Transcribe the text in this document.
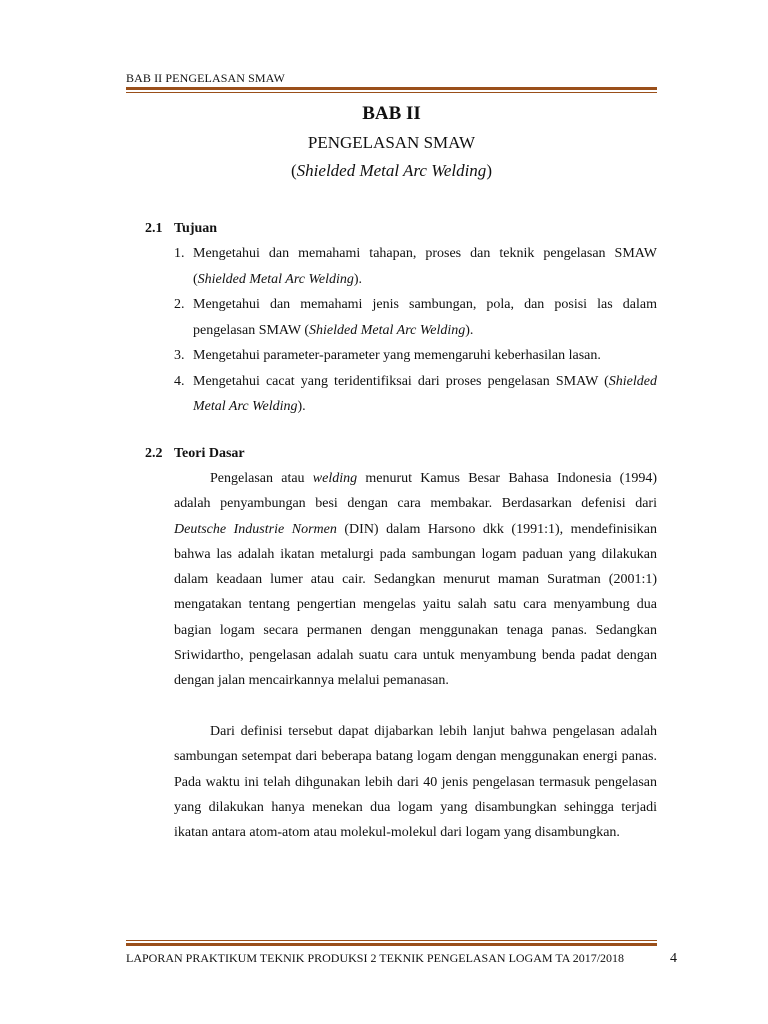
BAB II PENGELASAN SMAW
BAB II
PENGELASAN SMAW
(Shielded Metal Arc Welding)
2.1 Tujuan
1. Mengetahui dan memahami tahapan, proses dan teknik pengelasan SMAW (Shielded Metal Arc Welding).
2. Mengetahui dan memahami jenis sambungan, pola, dan posisi las dalam pengelasan SMAW (Shielded Metal Arc Welding).
3. Mengetahui parameter-parameter yang memengaruhi keberhasilan lasan.
4. Mengetahui cacat yang teridentifiksai dari proses pengelasan SMAW (Shielded Metal Arc Welding).
2.2 Teori Dasar

Pengelasan atau welding menurut Kamus Besar Bahasa Indonesia (1994) adalah penyambungan besi dengan cara membakar. Berdasarkan defenisi dari Deutsche Industrie Normen (DIN) dalam Harsono dkk (1991:1), mendefinisikan bahwa las adalah ikatan metalurgi pada sambungan logam paduan yang dilakukan dalam keadaan lumer atau cair. Sedangkan menurut maman Suratman (2001:1) mengatakan tentang pengertian mengelas yaitu salah satu cara menyambung dua bagian logam secara permanen dengan menggunakan tenaga panas. Sedangkan Sriwidartho, pengelasan adalah suatu cara untuk menyambung benda padat dengan dengan jalan mencairkannya melalui pemanasan.

Dari definisi tersebut dapat dijabarkan lebih lanjut bahwa pengelasan adalah sambungan setempat dari beberapa batang logam dengan menggunakan energi panas. Pada waktu ini telah dihgunakan lebih dari 40 jenis pengelasan termasuk pengelasan yang dilakukan hanya menekan dua logam yang disambungkan sehingga terjadi ikatan antara atom-atom atau molekul-molekul dari logam yang disambungkan.

LAPORAN PRAKTIKUM TEKNIK PRODUKSI 2 TEKNIK PENGELASAN LOGAM TA 2017/2018	4
